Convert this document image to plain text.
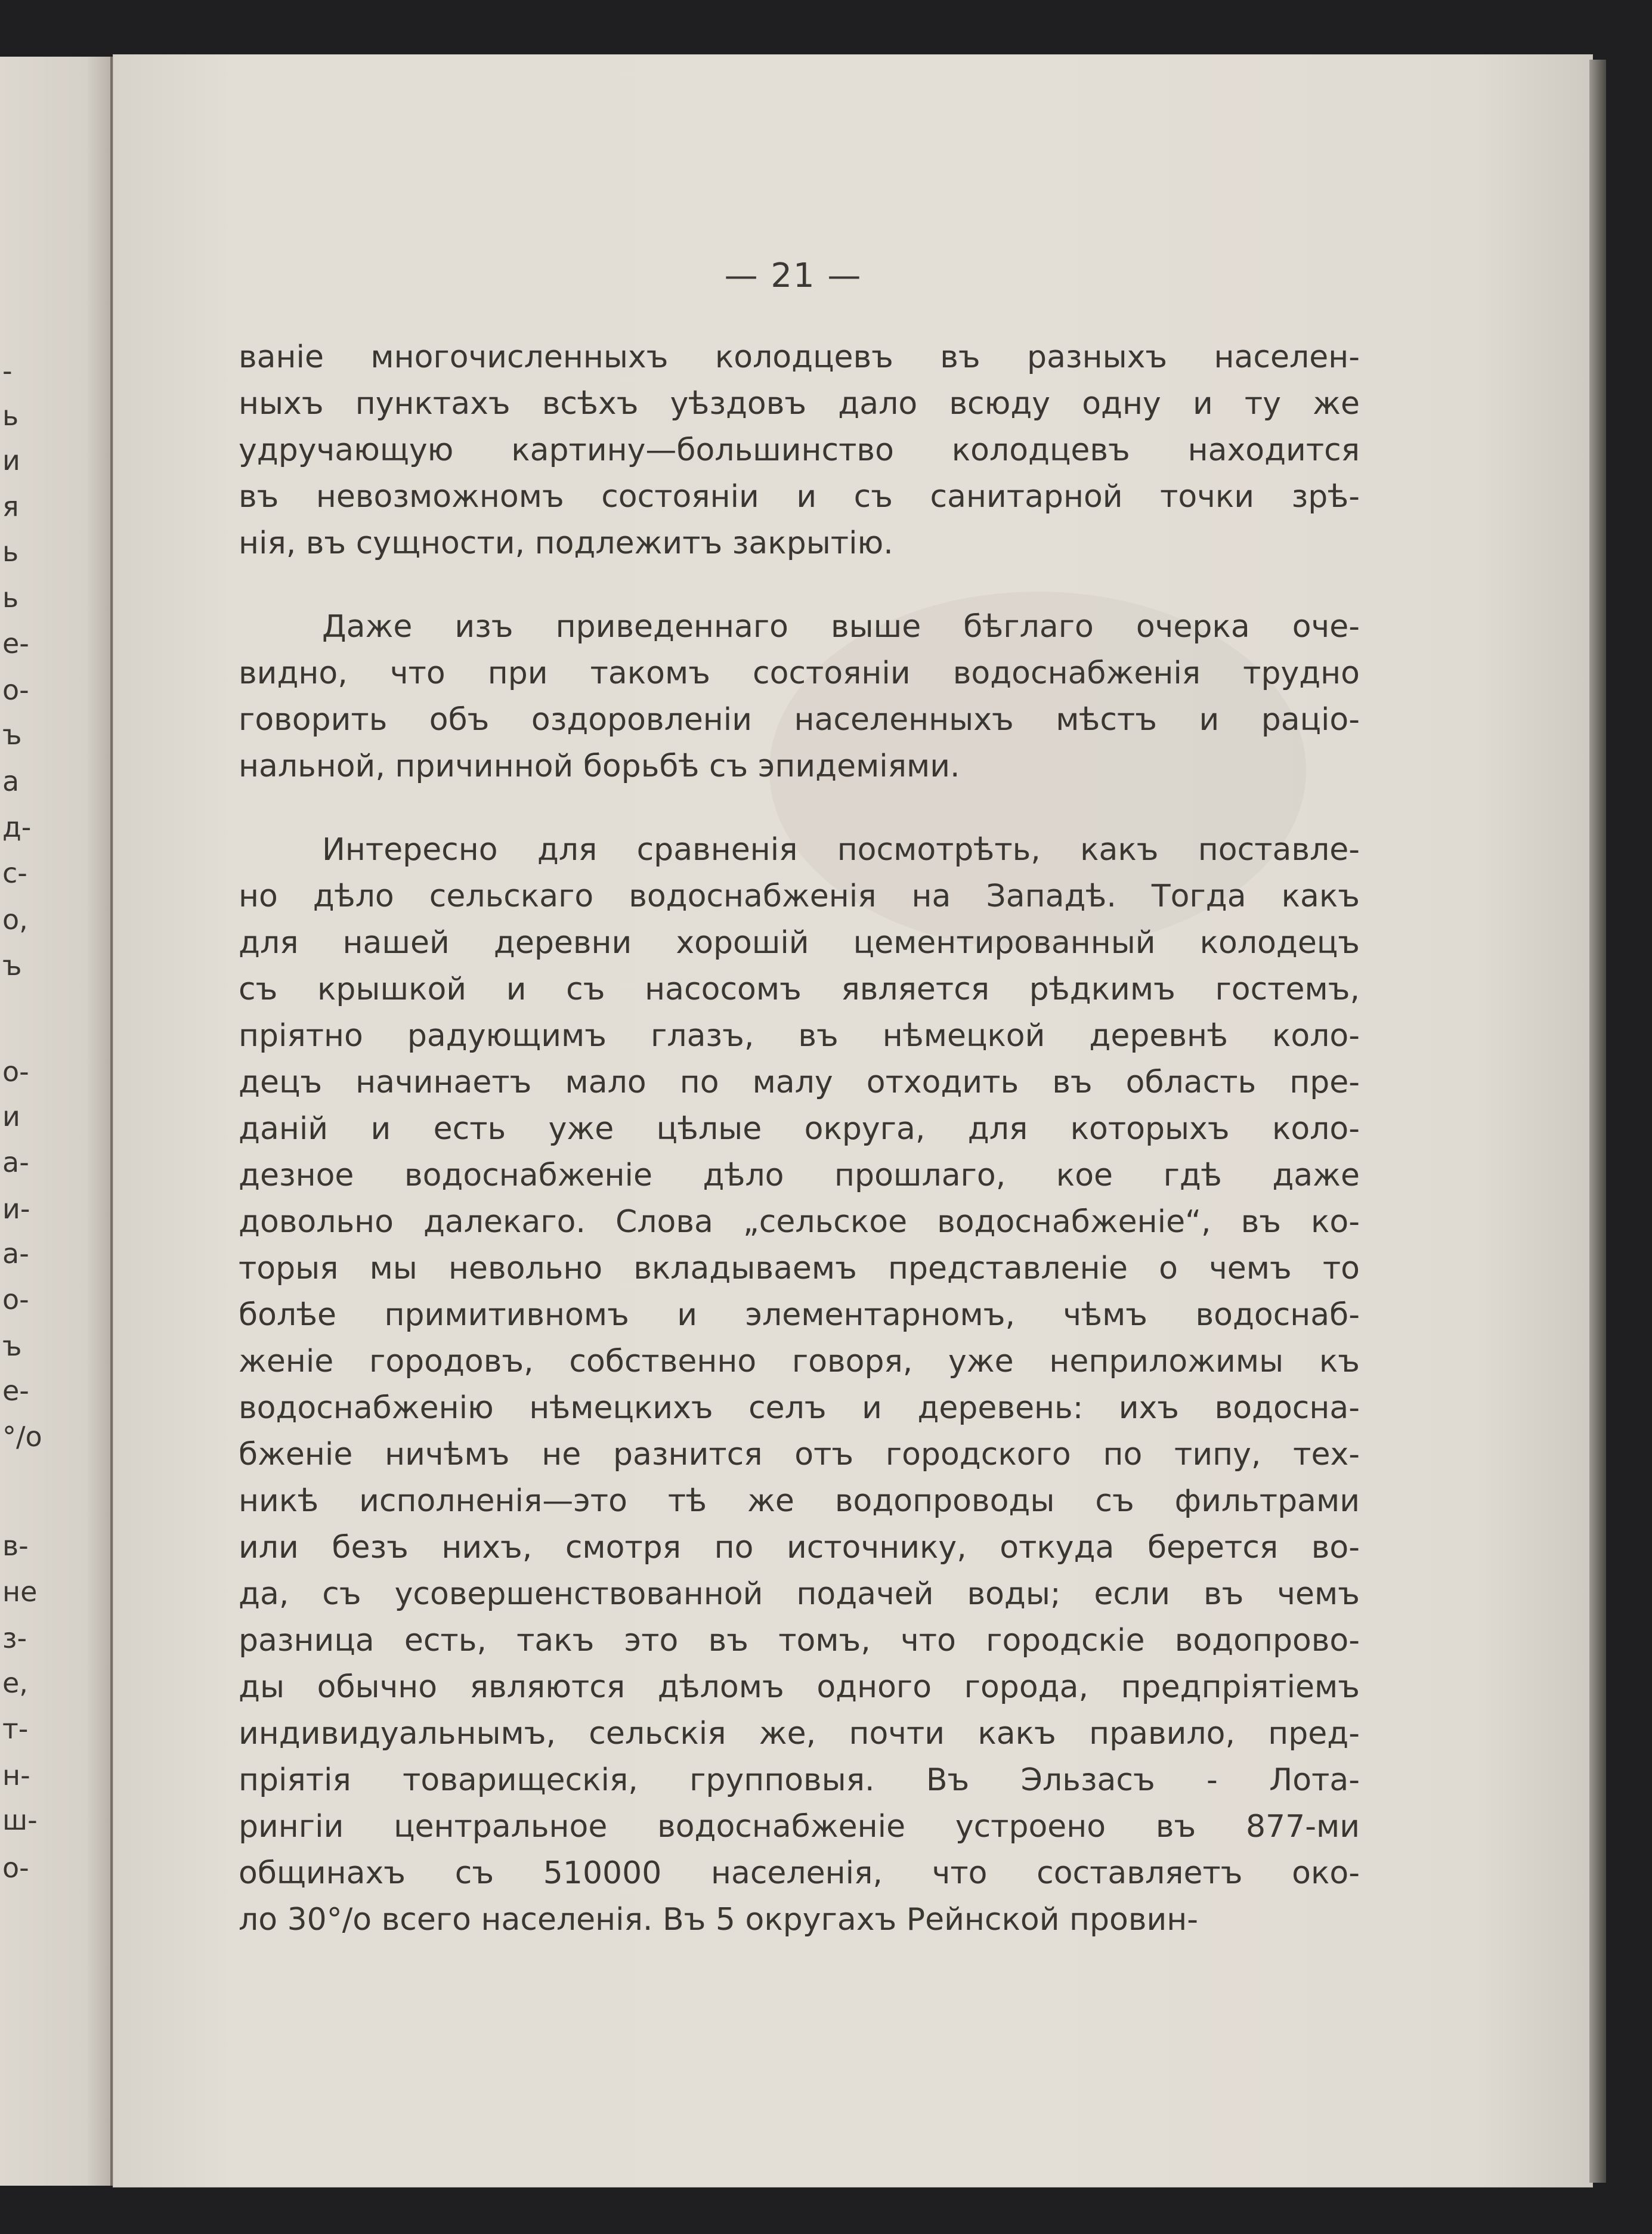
-
ь
и
я
ь
ь
е-
о-
ъ
а
д-
с-
о,
ъ
о-
и
а-
и-
а-
о-
ъ
е-
°/о
в-
не
з-
е,
т-
н-
ш-
о-
— 21 —
ваніе многочисленныхъ колодцевъ въ разныхъ населен-
ныхъ пунктахъ всѣхъ уѣздовъ дало всюду одну и ту же
удручающую картину—большинство колодцевъ находится
въ невозможномъ состояніи и съ санитарной точки зрѣ-
нія, въ сущности, подлежитъ закрытію.
Даже изъ приведеннаго выше бѣглаго очерка оче-
видно, что при такомъ состояніи водоснабженія трудно
говорить объ оздоровленіи населенныхъ мѣстъ и раціо-
нальной, причинной борьбѣ съ эпидеміями.
Интересно для сравненія посмотрѣть, какъ поставле-
но дѣло сельскаго водоснабженія на Западѣ. Тогда какъ
для нашей деревни хорошій цементированный колодецъ
съ крышкой и съ насосомъ является рѣдкимъ гостемъ,
пріятно радующимъ глазъ, въ нѣмецкой деревнѣ коло-
децъ начинаетъ мало по малу отходить въ область пре-
даній и есть уже цѣлые округа, для которыхъ коло-
дезное водоснабженіе дѣло прошлаго, кое гдѣ даже
довольно далекаго. Слова „сельское водоснабженіе“, въ ко-
торыя мы невольно вкладываемъ представленіе о чемъ то
болѣе примитивномъ и элементарномъ, чѣмъ водоснаб-
женіе городовъ, собственно говоря, уже неприложимы къ
водоснабженію нѣмецкихъ селъ и деревень: ихъ водосна-
бженіе ничѣмъ не разнится отъ городского по типу, тех-
никѣ исполненія—это тѣ же водопроводы съ фильтрами
или безъ нихъ, смотря по источнику, откуда берется во-
да, съ усовершенствованной подачей воды; если въ чемъ
разница есть, такъ это въ томъ, что городскіе водопрово-
ды обычно являются дѣломъ одного города, предпріятіемъ
индивидуальнымъ, сельскія же, почти какъ правило, пред-
пріятія товарищескія, групповыя. Въ Эльзасъ - Лота-
рингіи центральное водоснабженіе устроено въ 877-ми
общинахъ съ 510000 населенія, что составляетъ око-
ло 30°/о всего населенія. Въ 5 округахъ Рейнской провин-
